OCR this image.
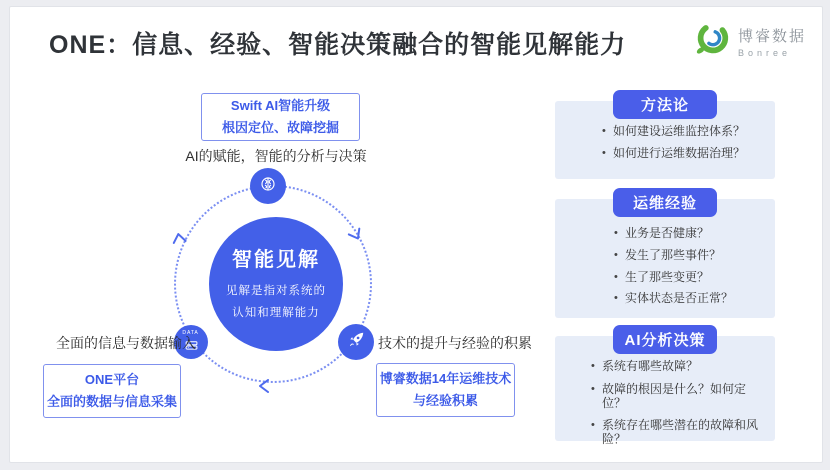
ONE：信息、经验、智能决策融合的智能见解能力	博睿数据
Bonree
Swift AI智能升级
根因定位、故障挖掘
AI的赋能，智能的分析与决策
智能见解
见解是指对系统的
认知和理解能力
DATA
全面的信息与数据输入	技术的提升与经验的积累
ONE平台
全面的数据与信息采集
博睿数据14年运维技术
与经验积累
方法论
• 如何建设运维监控体系？
• 如何进行运维数据治理？
运维经验
• 业务是否健康？
• 发生了那些事件？
• 生了那些变更？
• 实体状态是否正常？
AI分析决策
• 系统有哪些故障？
• 故障的根因是什么？如何定位？
• 系统存在哪些潜在的故障和风险？
